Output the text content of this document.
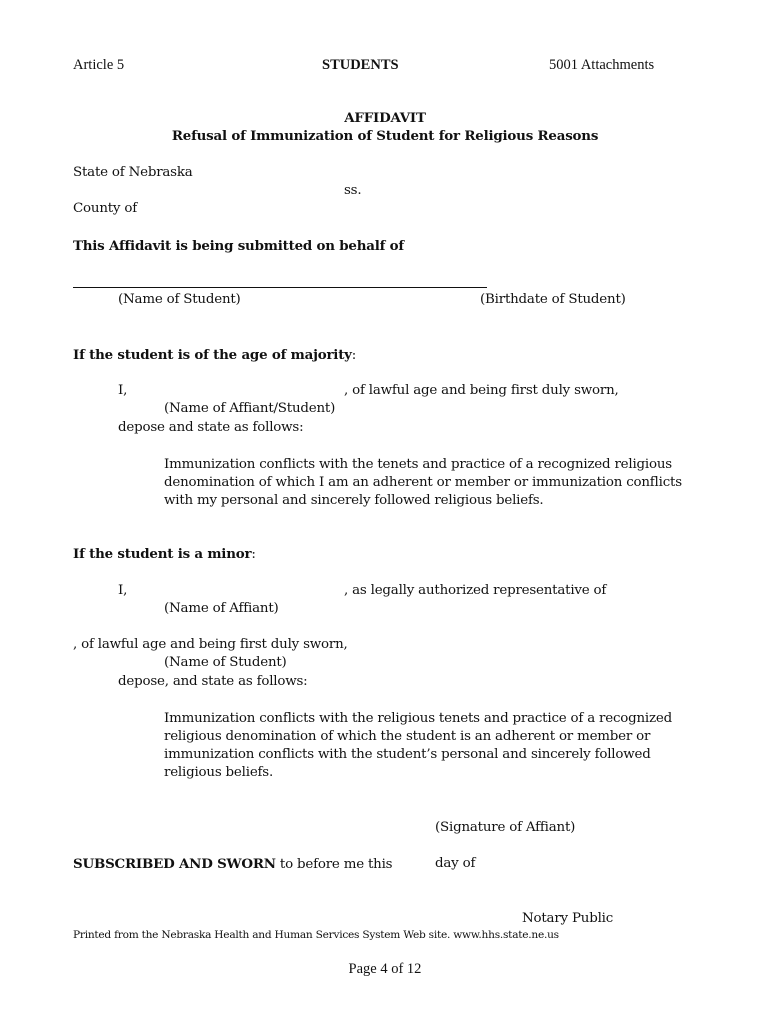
Article 5	STUDENTS	5001 Attachments
AFFIDAVIT
Refusal of Immunization of Student for Religious Reasons
State of Nebraska
ss.
County of
This Affidavit is being submitted on behalf of
(Name of Student)	(Birthdate of Student)
If the student is of the age of majority:
I,	, of lawful age and being first duly sworn,
(Name of Affiant/Student)
depose and state as follows:
Immunization conflicts with the tenets and practice of a recognized religious
denomination of which I am an adherent or member or immunization conflicts
with my personal and sincerely followed religious beliefs.
If the student is a minor:
I,	, as legally authorized representative of
(Name of Affiant)
, of lawful age and being first duly sworn,
(Name of Student)
depose, and state as follows:
Immunization conflicts with the religious tenets and practice of a recognized
religious denomination of which the student is an adherent or member or
immunization conflicts with the student’s personal and sincerely followed
religious beliefs.
(Signature of Affiant)
SUBSCRIBED AND SWORN to before me this	day of
Notary Public
Printed from the Nebraska Health and Human Services System Web site. www.hhs.state.ne.us
Page 4 of 12
